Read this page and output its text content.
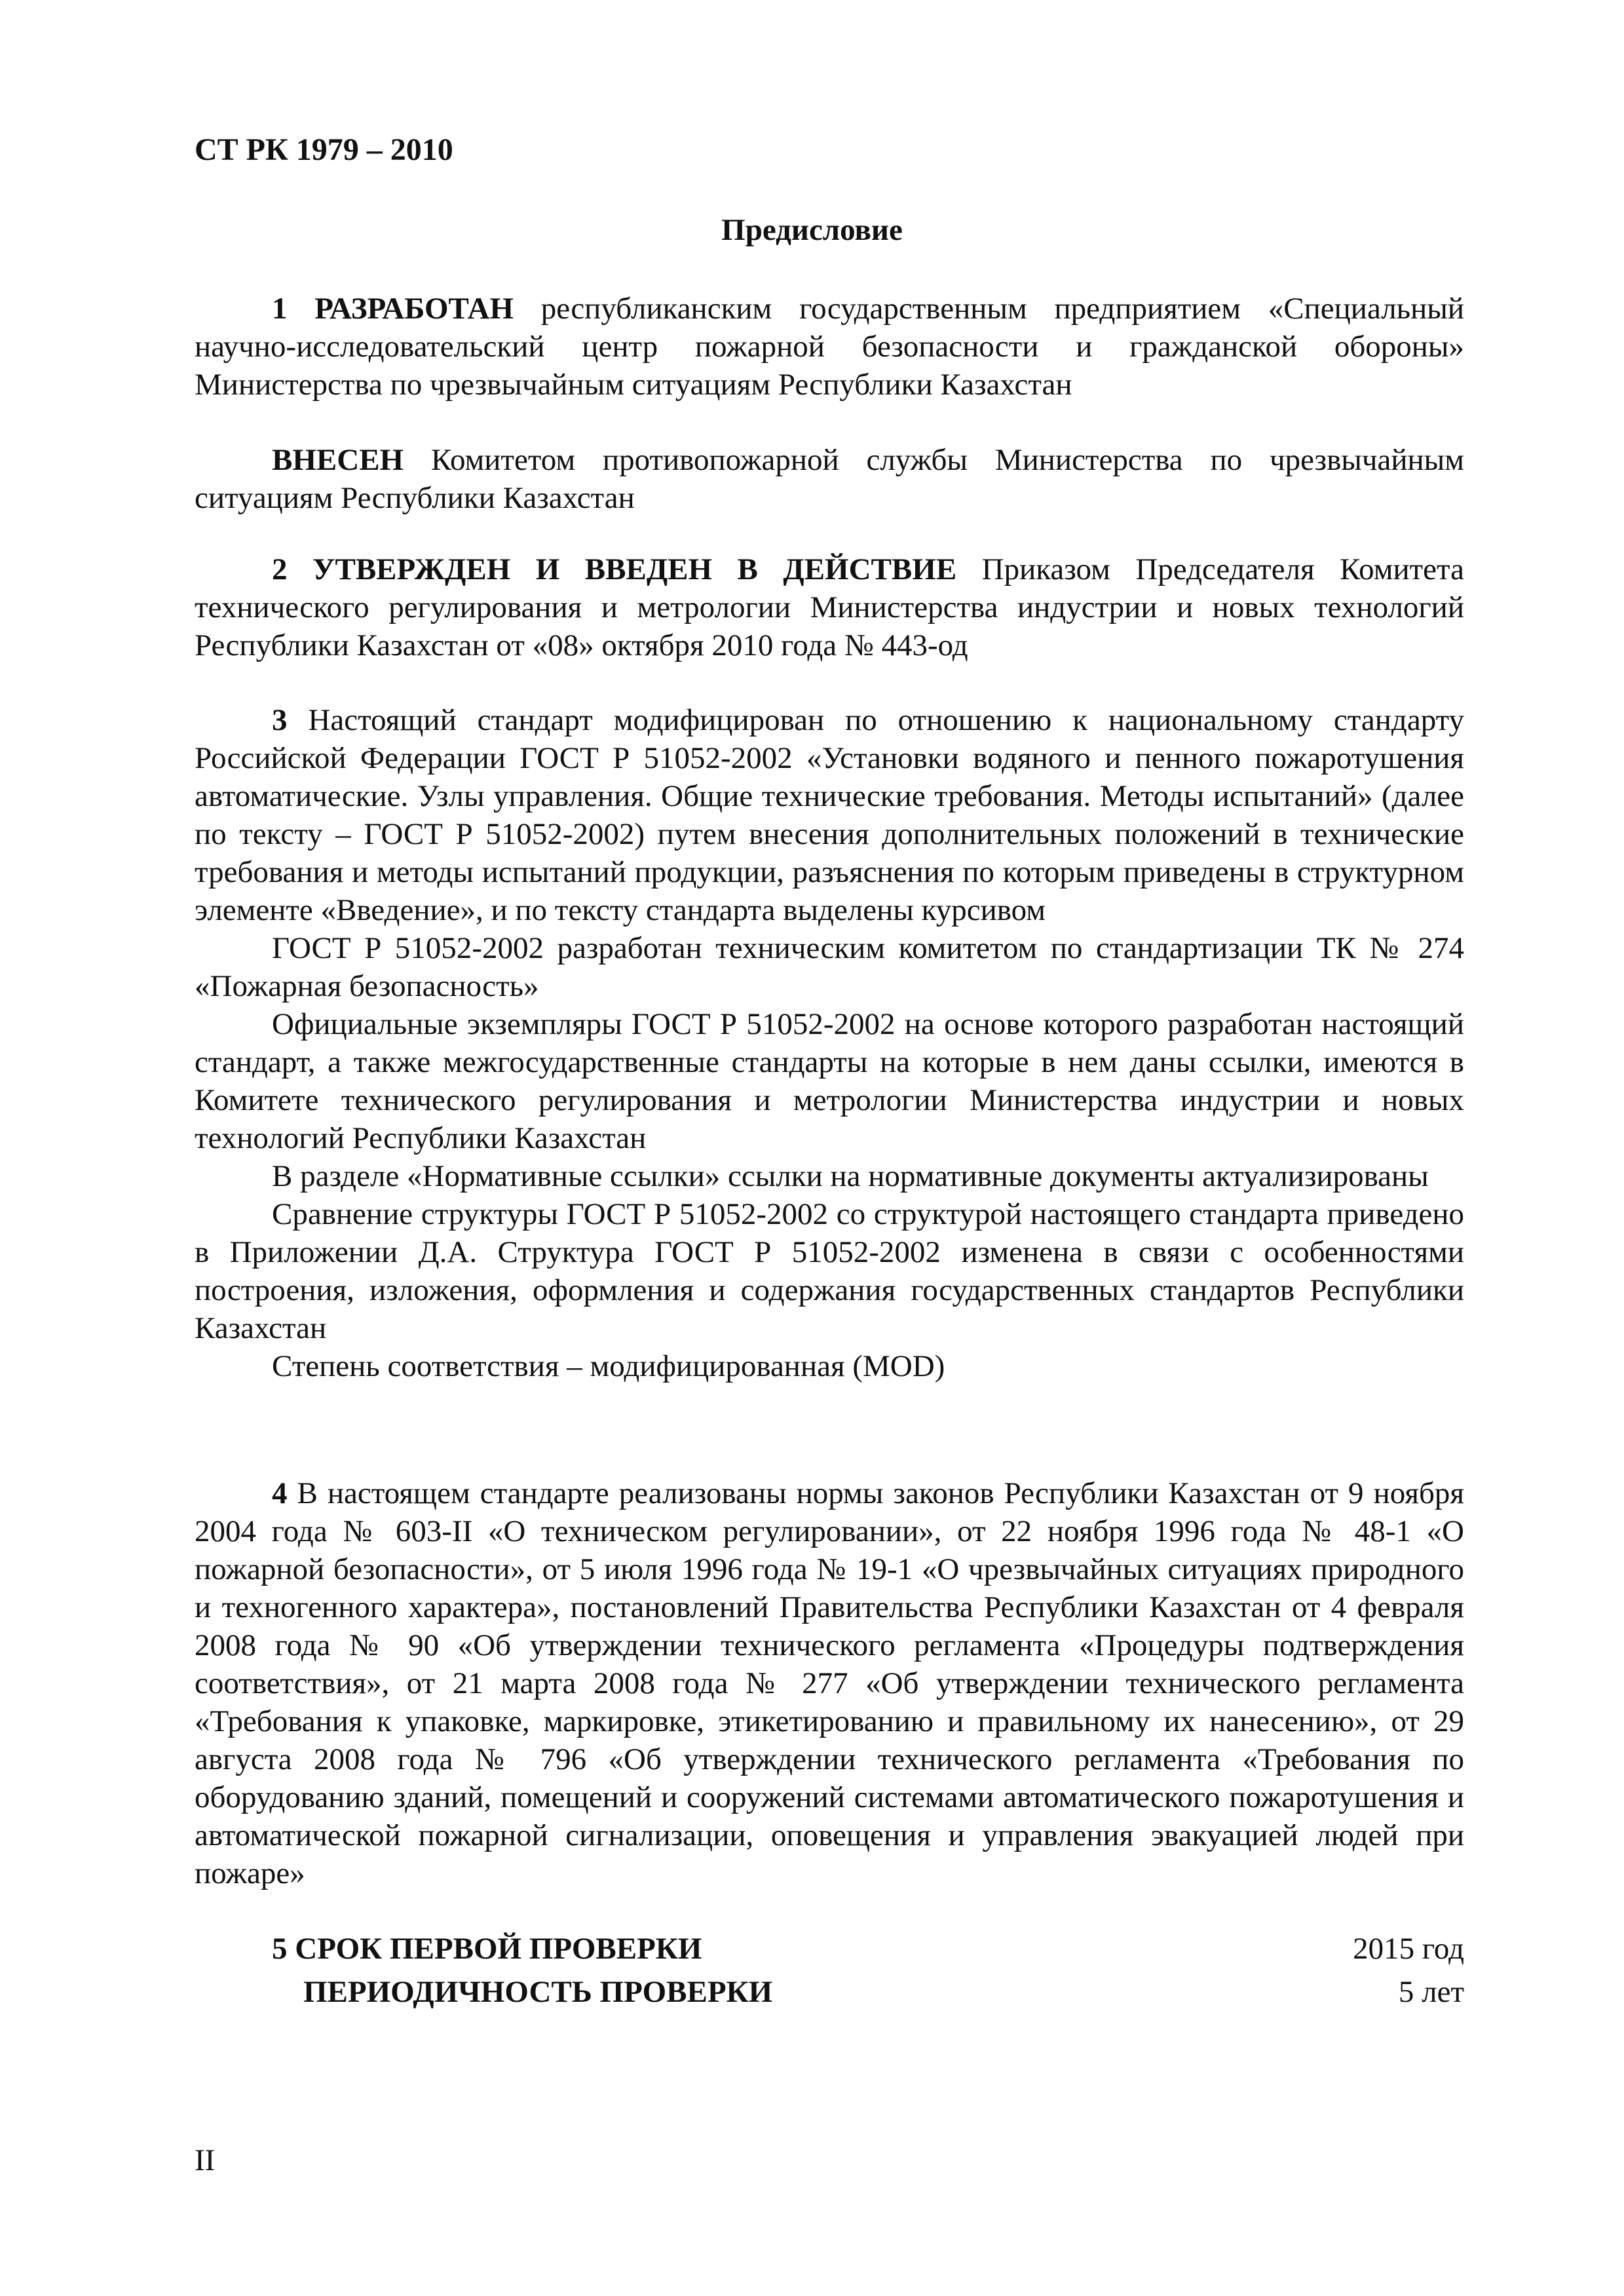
СТ РК 1979 – 2010
Предисловие

1 РАЗРАБОТАН республиканским государственным предприятием «Специальный научно-исследовательский центр пожарной безопасности и гражданской обороны» Министерства по чрезвычайным ситуациям Республики Казахстан

ВНЕСЕН Комитетом противопожарной службы Министерства по чрезвычайным ситуациям Республики Казахстан

2 УТВЕРЖДЕН И ВВЕДЕН В ДЕЙСТВИЕ Приказом Председателя Комитета технического регулирования и метрологии Министерства индустрии и новых технологий Республики Казахстан от «08» октября 2010 года № 443-од

3 Настоящий стандарт модифицирован по отношению к национальному стандарту Российской Федерации ГОСТ Р 51052-2002 «Установки водяного и пенного пожаротушения автоматические. Узлы управления. Общие технические требования. Методы испытаний» (далее по тексту – ГОСТ Р 51052-2002) путем внесения дополнительных положений в технические требования и методы испытаний продукции, разъяснения по которым приведены в структурном элементе «Введение», и по тексту стандарта выделены курсивом

ГОСТ Р 51052-2002 разработан техническим комитетом по стандартизации ТК № 274 «Пожарная безопасность»

Официальные экземпляры ГОСТ Р 51052-2002 на основе которого разработан настоящий стандарт, а также межгосударственные стандарты на которые в нем даны ссылки, имеются в Комитете технического регулирования и метрологии Министерства индустрии и новых технологий Республики Казахстан

В разделе «Нормативные ссылки» ссылки на нормативные документы актуализированы

Сравнение структуры ГОСТ Р 51052-2002 со структурой настоящего стандарта приведено в Приложении Д.А. Структура ГОСТ Р 51052-2002 изменена в связи с особенностями построения, изложения, оформления и содержания государственных стандартов Республики Казахстан

Степень соответствия – модифицированная (MOD)

4 В настоящем стандарте реализованы нормы законов Республики Казахстан от 9 ноября 2004 года № 603-II «О техническом регулировании», от 22 ноября 1996 года № 48-1 «О пожарной безопасности», от 5 июля 1996 года № 19-1 «О чрезвычайных ситуациях природного и техногенного характера», постановлений Правительства Республики Казахстан от 4 февраля 2008 года № 90 «Об утверждении технического регламента «Процедуры подтверждения соответствия», от 21 марта 2008 года № 277 «Об утверждении технического регламента «Требования к упаковке, маркировке, этикетированию и правильному их нанесению», от 29 августа 2008 года № 796 «Об утверждении технического регламента «Требования по оборудованию зданий, помещений и сооружений системами автоматического пожаротушения и автоматической пожарной сигнализации, оповещения и управления эвакуацией людей при пожаре»

5 СРОК ПЕРВОЙ ПРОВЕРКИ	2015 год
ПЕРИОДИЧНОСТЬ ПРОВЕРКИ	5 лет
II
